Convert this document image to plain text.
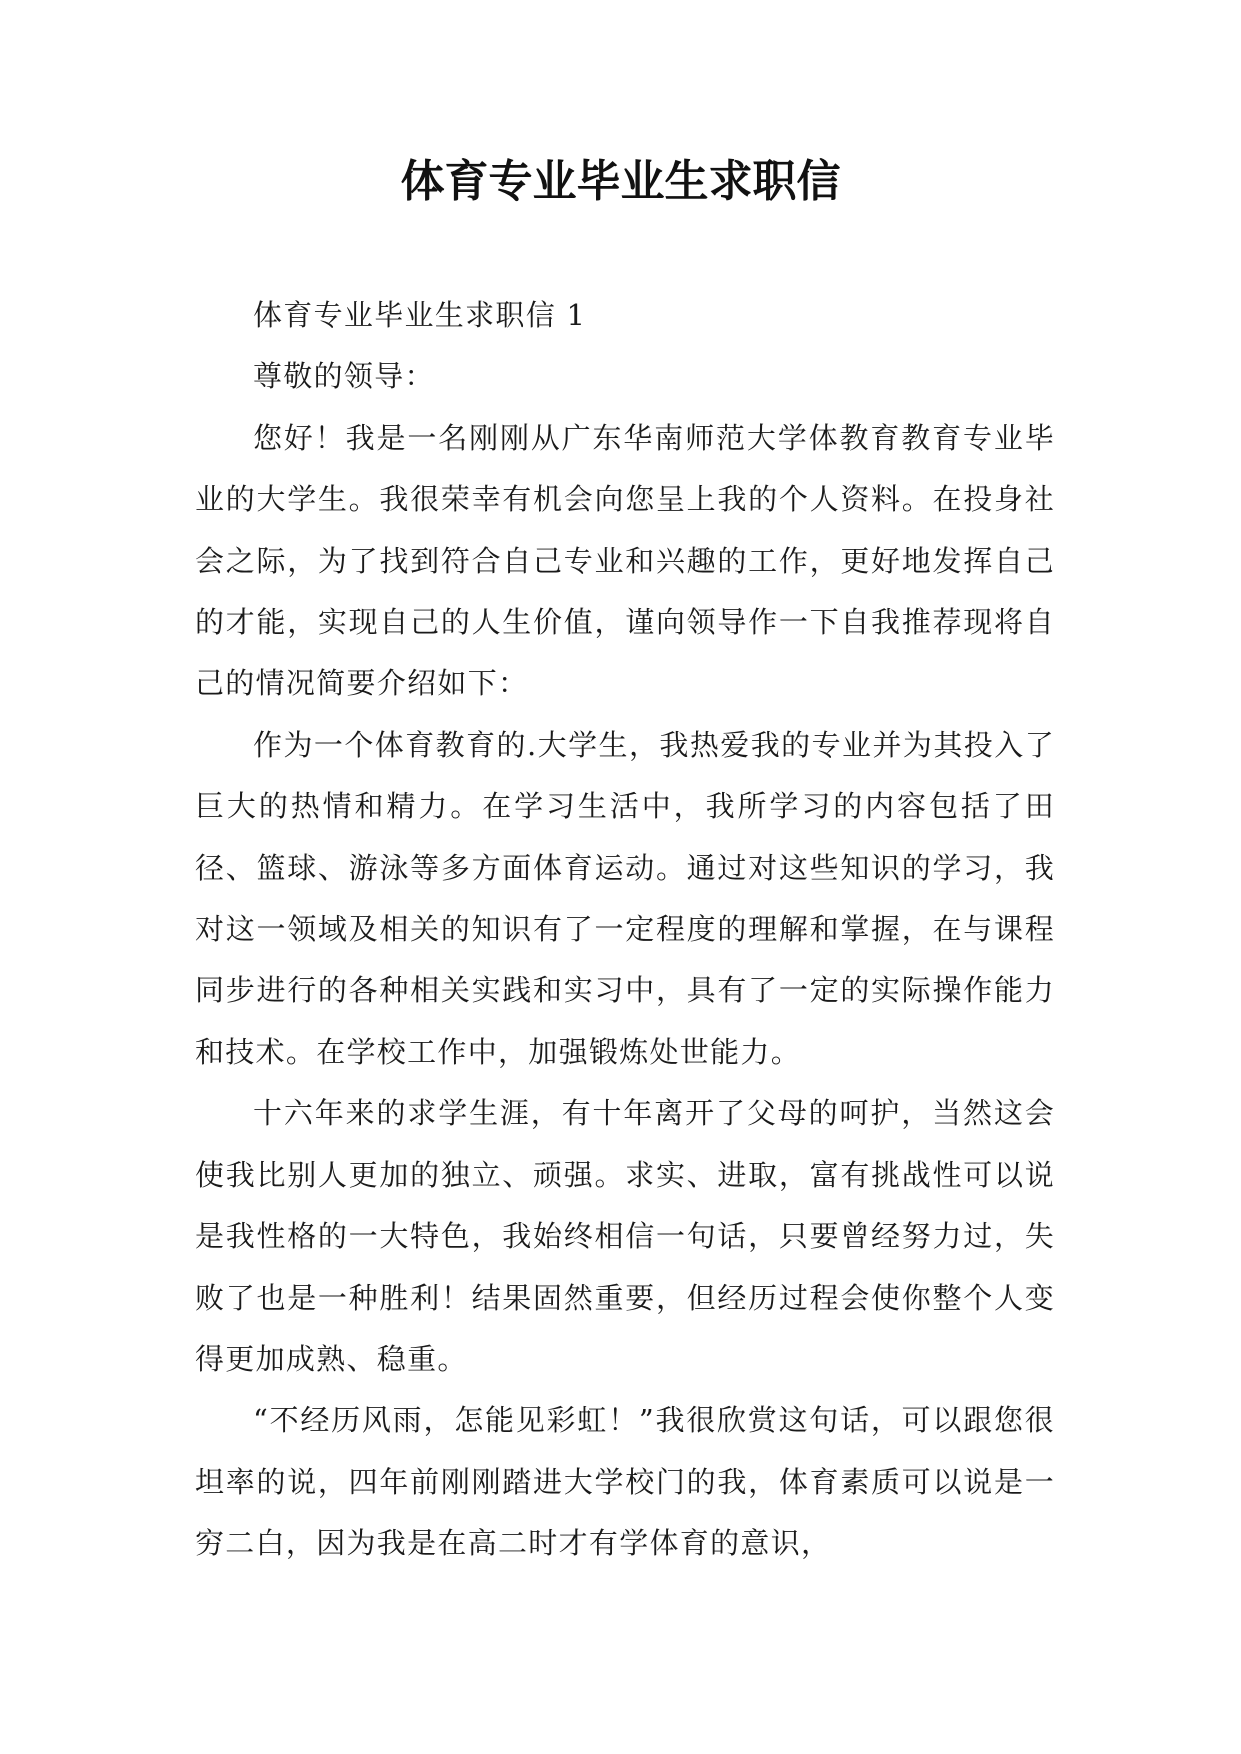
体育专业毕业生求职信

体育专业毕业生求职信 1

尊敬的领导：

您好！我是一名刚刚从广东华南师范大学体教育教育专业毕业的大学生。我很荣幸有机会向您呈上我的个人资料。在投身社会之际，为了找到符合自己专业和兴趣的工作，更好地发挥自己的才能，实现自己的人生价值，谨向领导作一下自我推荐现将自己的情况简要介绍如下：

作为一个体育教育的.大学生，我热爱我的专业并为其投入了巨大的热情和精力。在学习生活中，我所学习的内容包括了田径、篮球、游泳等多方面体育运动。通过对这些知识的学习，我对这一领域及相关的知识有了一定程度的理解和掌握，在与课程同步进行的各种相关实践和实习中，具有了一定的实际操作能力和技术。在学校工作中，加强锻炼处世能力。

十六年来的求学生涯，有十年离开了父母的呵护，当然这会使我比别人更加的独立、顽强。求实、进取，富有挑战性可以说是我性格的一大特色，我始终相信一句话，只要曾经努力过，失败了也是一种胜利！结果固然重要，但经历过程会使你整个人变得更加成熟、稳重。

“不经历风雨，怎能见彩虹！”我很欣赏这句话，可以跟您很坦率的说，四年前刚刚踏进大学校门的我，体育素质可以说是一穷二白，因为我是在高二时才有学体育的意识，
